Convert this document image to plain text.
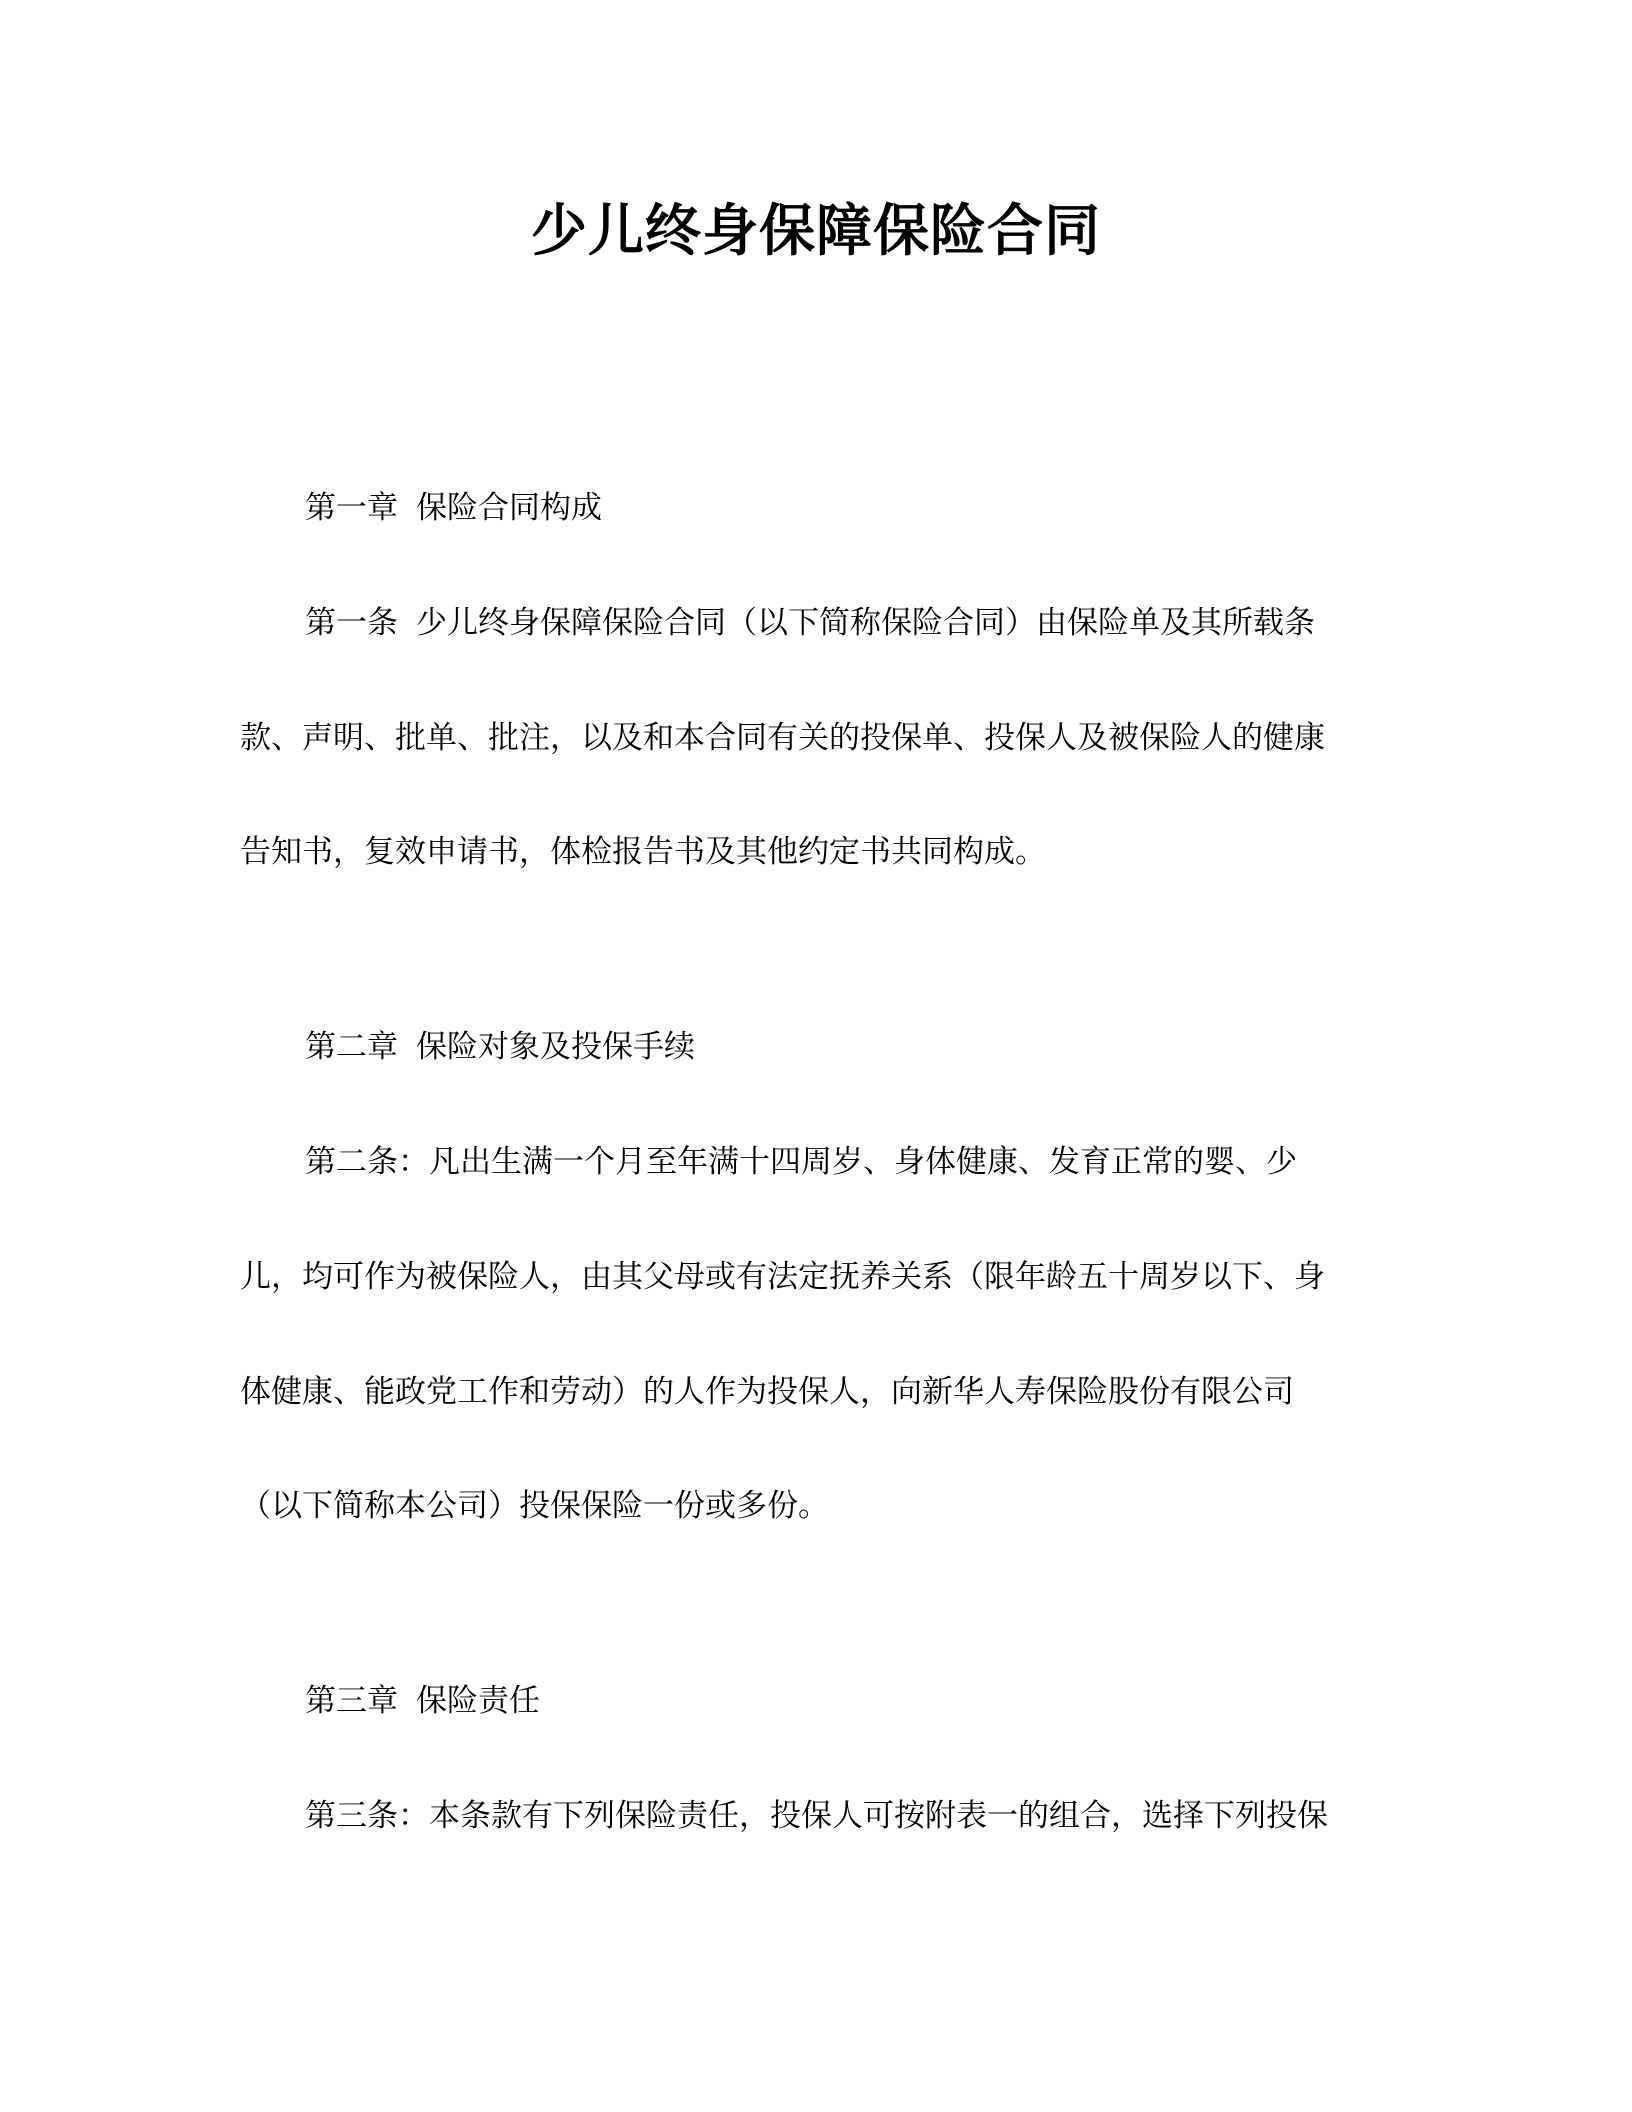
少儿终身保障保险合同
第一章 保险合同构成
第一条 少儿终身保障保险合同（以下简称保险合同）由保险单及其所载条
款、声明、批单、批注，以及和本合同有关的投保单、投保人及被保险人的健康
告知书，复效申请书，体检报告书及其他约定书共同构成。
第二章 保险对象及投保手续
第二条：凡出生满一个月至年满十四周岁、身体健康、发育正常的婴、少
儿，均可作为被保险人，由其父母或有法定抚养关系（限年龄五十周岁以下、身
体健康、能政党工作和劳动）的人作为投保人，向新华人寿保险股份有限公司
（以下简称本公司）投保保险一份或多份。
第三章 保险责任
第三条：本条款有下列保险责任，投保人可按附表一的组合，选择下列投保
